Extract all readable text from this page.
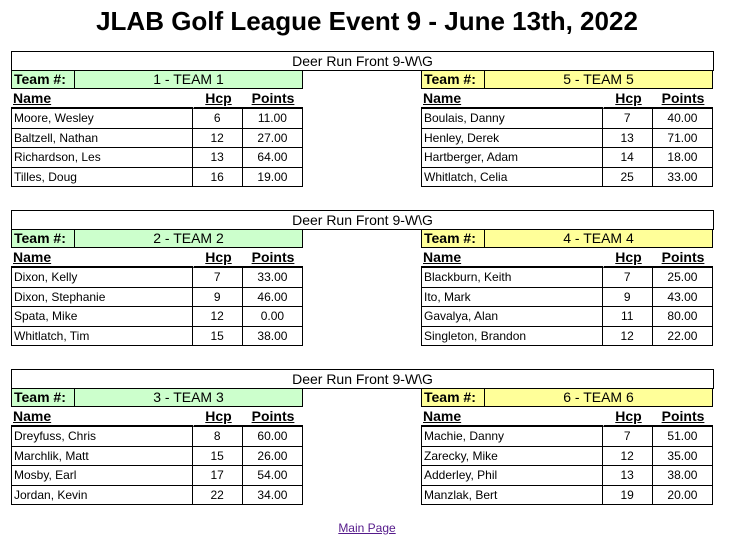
JLAB Golf League Event 9 - June 13th, 2022
Deer Run Front 9-W\G
Team #:	1 - TEAM 1
Name	Hcp	Points
Moore, Wesley	6	11.00
Baltzell, Nathan	12	27.00
Richardson, Les	13	64.00
Tilles, Doug	16	19.00
Team #:	5 - TEAM 5
Name	Hcp	Points
Boulais, Danny	7	40.00
Henley, Derek	13	71.00
Hartberger, Adam	14	18.00
Whitlatch, Celia	25	33.00
Deer Run Front 9-W\G
Team #:	2 - TEAM 2
Name	Hcp	Points
Dixon, Kelly	7	33.00
Dixon, Stephanie	9	46.00
Spata, Mike	12	0.00
Whitlatch, Tim	15	38.00
Team #:	4 - TEAM 4
Name	Hcp	Points
Blackburn, Keith	7	25.00
Ito, Mark	9	43.00
Gavalya, Alan	11	80.00
Singleton, Brandon	12	22.00
Deer Run Front 9-W\G
Team #:	3 - TEAM 3
Name	Hcp	Points
Dreyfuss, Chris	8	60.00
Marchlik, Matt	15	26.00
Mosby, Earl	17	54.00
Jordan, Kevin	22	34.00
Team #:	6 - TEAM 6
Name	Hcp	Points
Machie, Danny	7	51.00
Zarecky, Mike	12	35.00
Adderley, Phil	13	38.00
Manzlak, Bert	19	20.00
Main Page
